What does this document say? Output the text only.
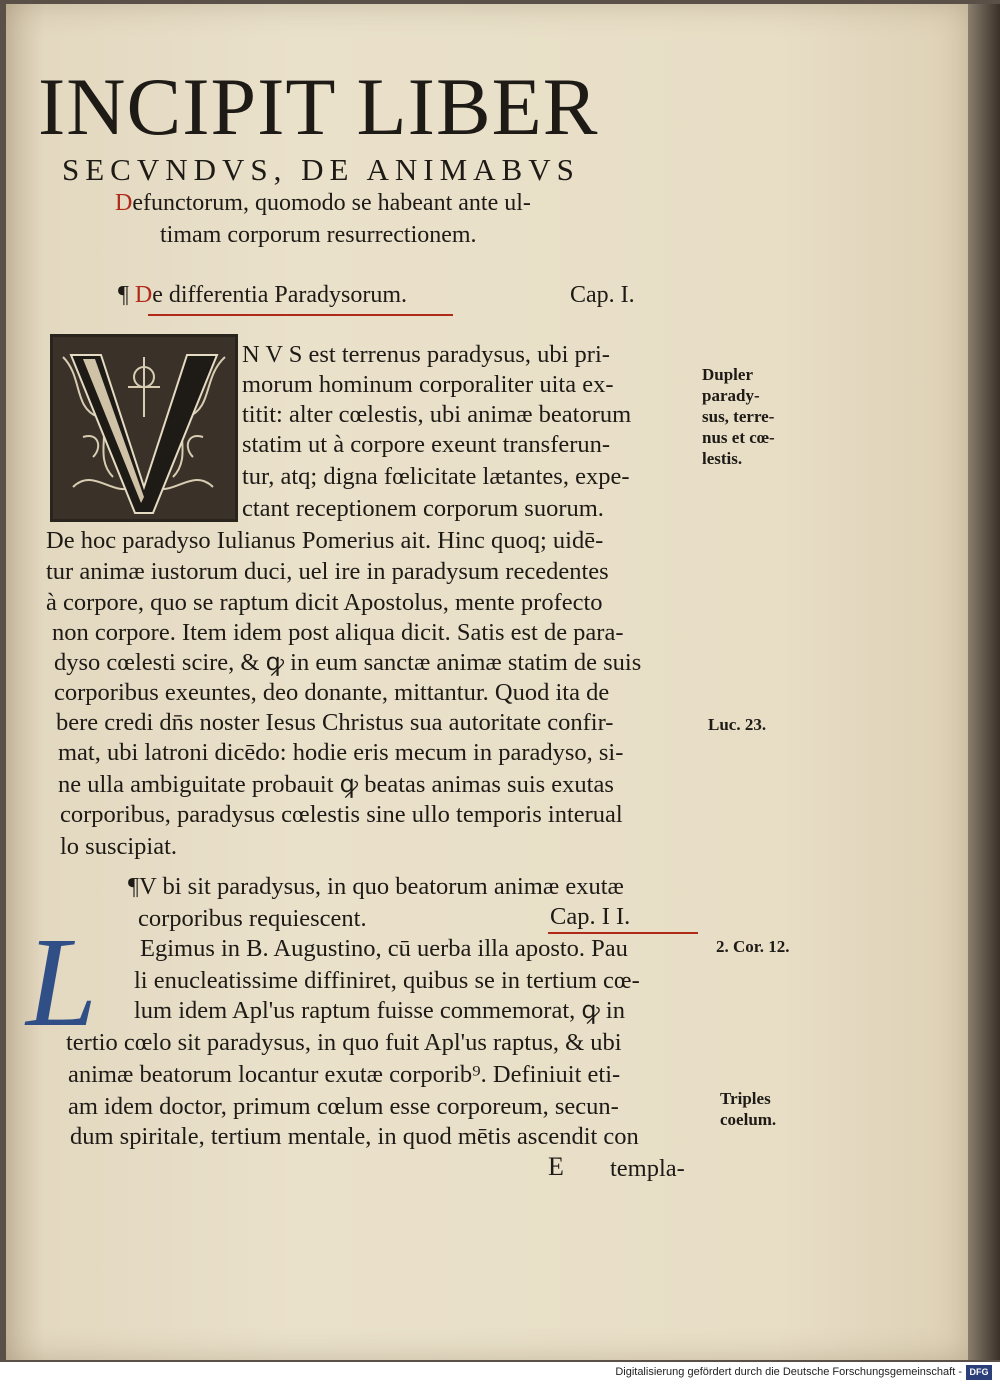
INCIPIT LIBER
SECVNDVS, DE ANIMABVS
Defunctorum, quomodo se habeant ante ul-
timam corporum resurrectionem.
¶ De differentia Paradysorum.	Cap. I.
N V S est terrenus paradysus, ubi pri-
morum hominum corporaliter uita ex-
titit: alter cœlestis, ubi animæ beatorum
statim ut à corpore exeunt transferun-
tur, atq; digna fœlicitate lætantes, expe-
ctant receptionem corporum suorum.
De hoc paradyso Iulianus Pomerius ait. Hinc quoq; uidē-
tur animæ iustorum duci, uel ire in paradysum recedentes
à corpore, quo se raptum dicit Apostolus, mente profecto
non corpore. Item idem post aliqua dicit. Satis est de para-
dyso cœlesti scire, & ꝙ in eum sanctæ animæ statim de suis
corporibus exeuntes, deo donante, mittantur. Quod ita de
bere credi dn̄s noster Iesus Christus sua autoritate confir-
mat, ubi latroni dicēdo: hodie eris mecum in paradyso, si-
ne ulla ambiguitate probauit ꝙ beatas animas suis exutas
corporibus, paradysus cœlestis sine ullo temporis interual
lo suscipiat.
¶V bi sit paradysus, in quo beatorum animæ exutæ
corporibus requiescent.	Cap. I I.
L	Egimus in B. Augustino, cū uerba illa aposto. Pau
li enucleatissime diffiniret, quibus se in tertium cœ-
lum idem Apl'us raptum fuisse commemorat, ꝙ in
tertio cœlo sit paradysus, in quo fuit Apl'us raptus, & ubi
animæ beatorum locantur exutæ corporib⁹. Definiuit eti-
am idem doctor, primum cœlum esse corporeum, secun-
dum spiritale, tertium mentale, in quod mētis ascendit con
E templa-
Dupler
parady-
sus, terre-
nus et cœ-
lestis.
Luc. 23.
2. Cor. 12.
Triples
coelum.
Digitalisierung gefördert durch die Deutsche Forschungsgemeinschaft - DFG
